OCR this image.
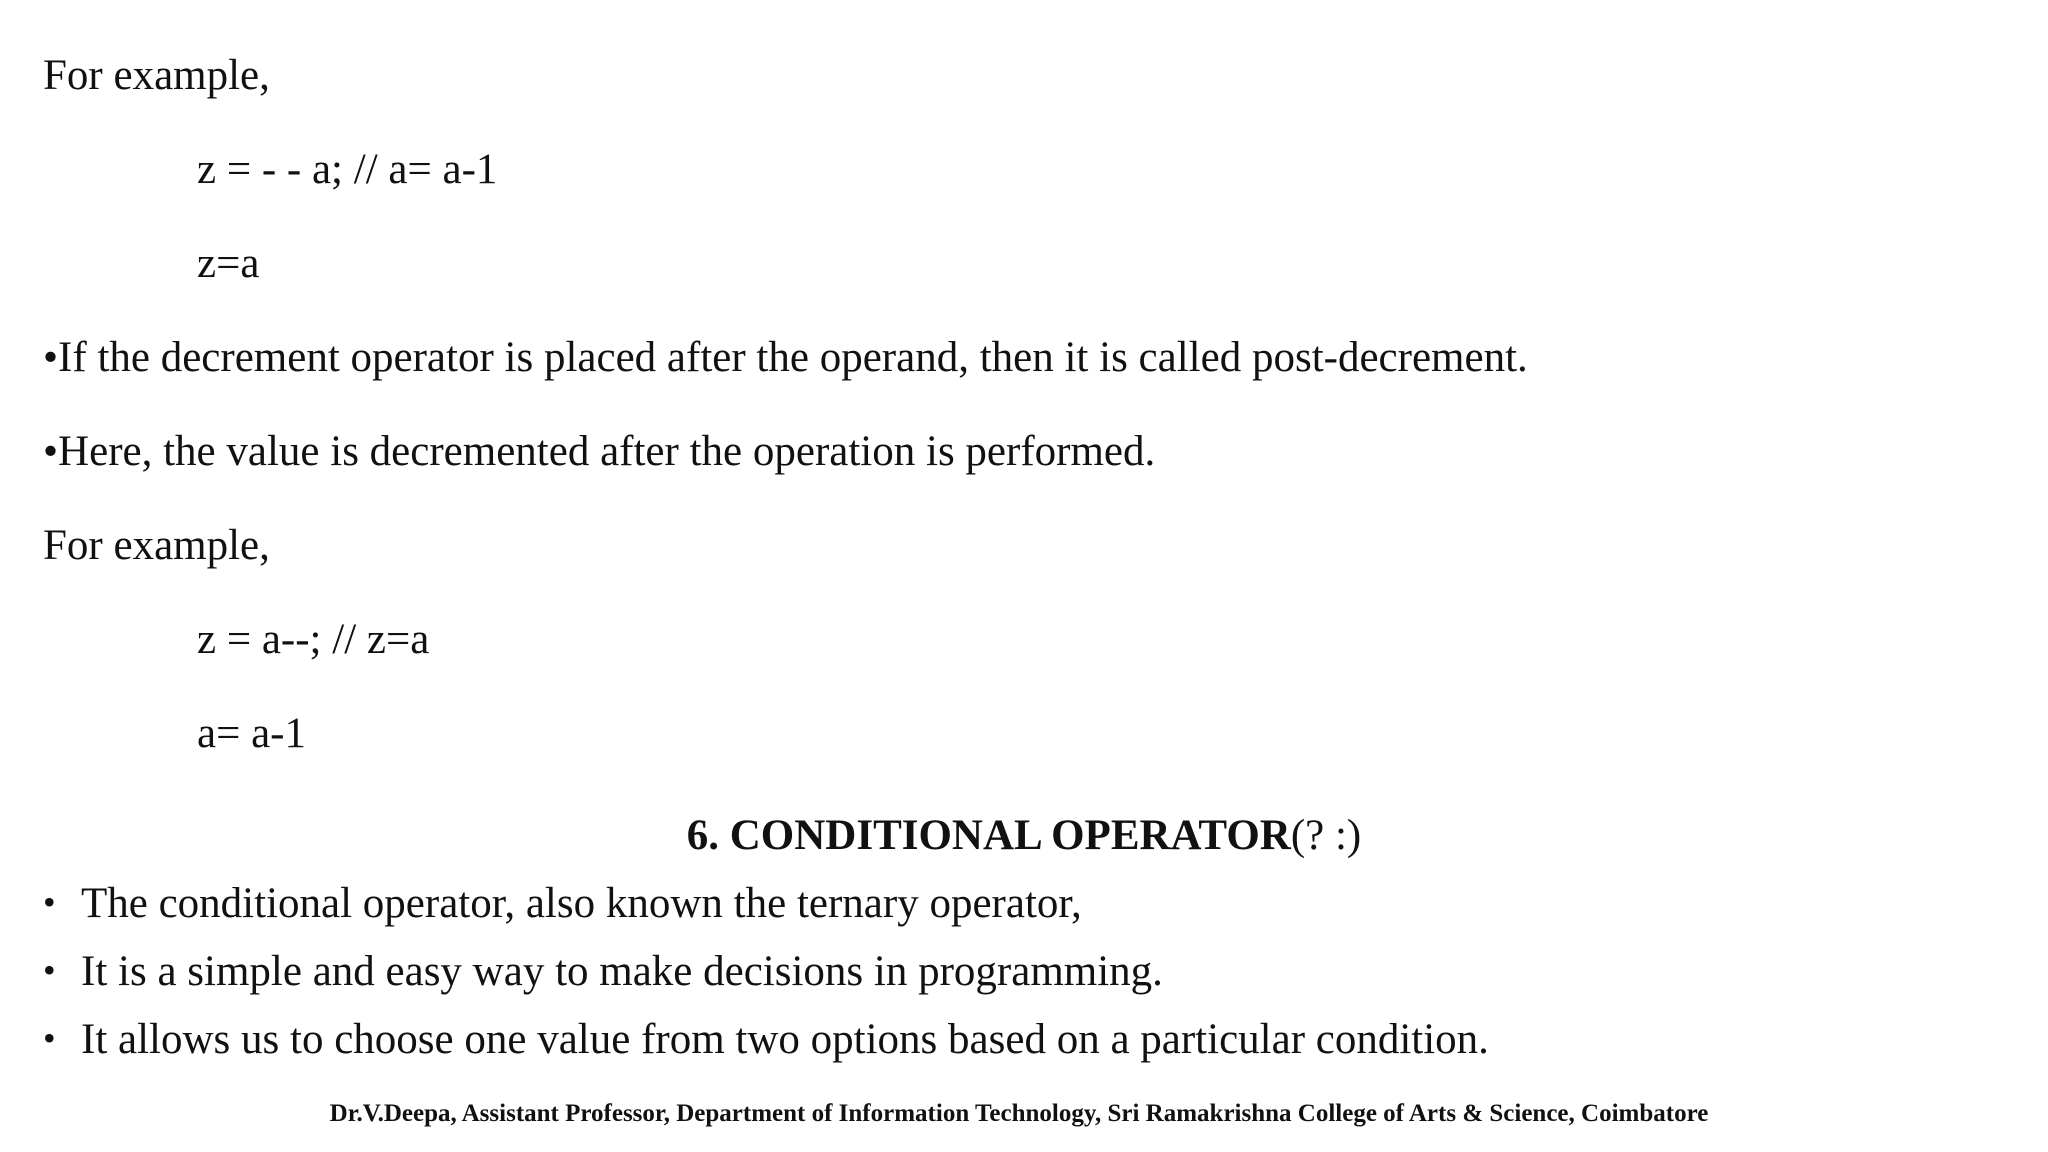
For example,
z = - - a; // a= a-1
z=a
•If the decrement operator is placed after the operand, then it is called post-decrement.
•Here, the value is decremented after the operation is performed.
For example,
z = a--; // z=a
a= a-1
6. CONDITIONAL OPERATOR(? :)
• The conditional operator, also known the ternary operator,
• It is a simple and easy way to make decisions in programming.
• It allows us to choose one value from two options based on a particular condition.
Dr.V.Deepa, Assistant Professor, Department of Information Technology, Sri Ramakrishna College of Arts & Science, Coimbatore
